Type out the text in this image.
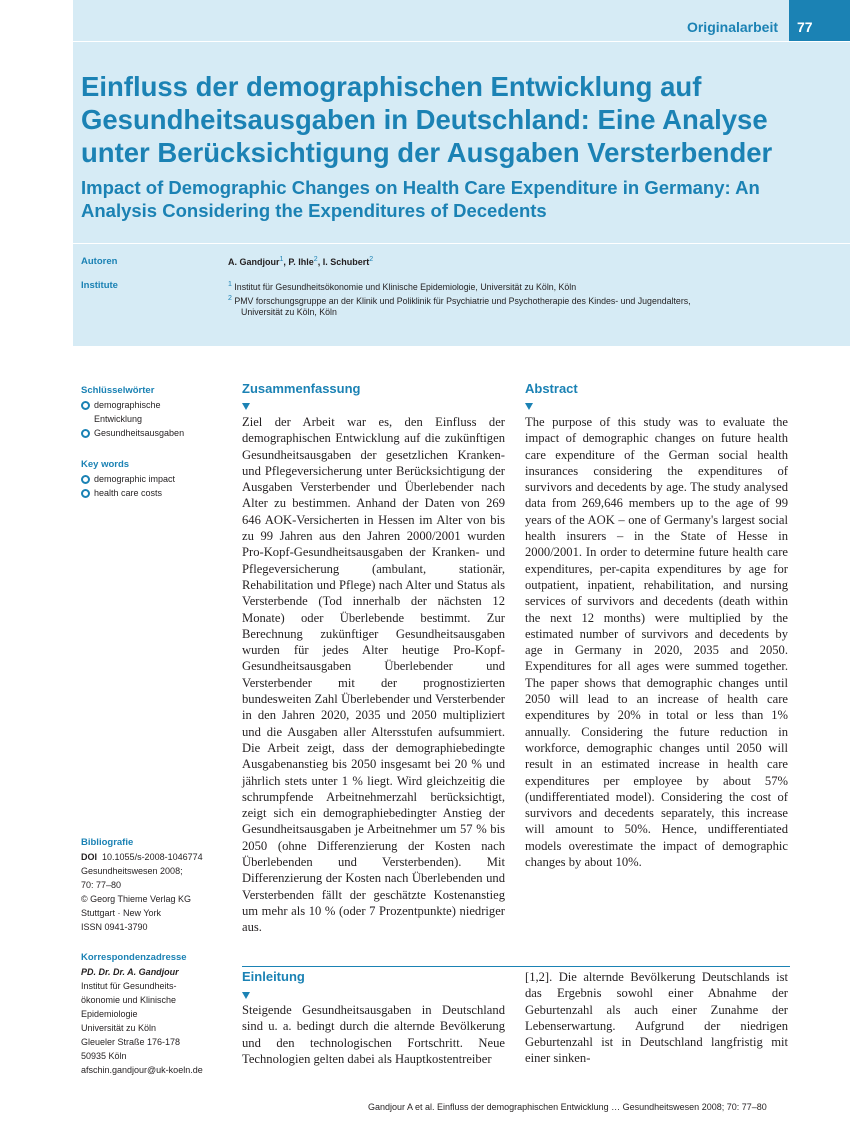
Originalarbeit	77
Einfluss der demographischen Entwicklung auf Gesundheitsausgaben in Deutschland: Eine Analyse unter Berücksichtigung der Ausgaben Versterbender
Impact of Demographic Changes on Health Care Expenditure in Germany: An Analysis Considering the Expenditures of Decedents
Autoren	A. Gandjour$^1$, P. Ihle$^2$, I. Schubert$^2$
Institute	$^1$ Institut für Gesundheitsökonomie und Klinische Epidemiologie, Universität zu Köln, Köln

$^2$ PMV forschungsgruppe an der Klinik und Poliklinik für Psychiatrie und Psychotherapie des Kindes- und Jugendalters,

Universität zu Köln, Köln

Schlüsselwörter
demographische Entwicklung
Gesundheitsausgaben
Key words
demographic impact
health care costs
Bibliografie

DOI 10.1055/s-2008-1046774

Gesundheitswesen 2008;

70: 77–80

© Georg Thieme Verlag KG

Stuttgart · New York

ISSN 0941-3790

Korrespondenzadresse

PD. Dr. Dr. A. Gandjour

Institut für Gesundheits-

ökonomie und Klinische

Epidemiologie

Universität zu Köln

Gleueler Straße 176-178

50935 Köln

afschin.gandjour@uk-koeln.de

Zusammenfassung

Ziel der Arbeit war es, den Einfluss der demographischen Entwicklung auf die zukünftigen Gesundheitsausgaben der gesetzlichen Kranken- und Pflegeversicherung unter Berücksichtigung der Ausgaben Versterbender und Überlebender nach Alter zu bestimmen. Anhand der Daten von 269 646 AOK-Versicherten in Hessen im Alter von bis zu 99 Jahren aus den Jahren 2000/2001 wurden Pro-Kopf-Gesundheitsausgaben der Kranken- und Pflegeversicherung (ambulant, stationär, Rehabilitation und Pflege) nach Alter und Status als Versterbende (Tod innerhalb der nächsten 12 Monate) oder Überlebende bestimmt. Zur Berechnung zukünftiger Gesundheitsausgaben wurden für jedes Alter heutige Pro-Kopf-Gesundheitsausgaben Überlebender und Versterbender mit der prognostizierten bundesweiten Zahl Überlebender und Versterbender in den Jahren 2020, 2035 und 2050 multipliziert und die Ausgaben aller Altersstufen aufsummiert. Die Arbeit zeigt, dass der demographiebedingte Ausgabenanstieg bis 2050 insgesamt bei 20 % und jährlich stets unter 1 % liegt. Wird gleichzeitig die schrumpfende Arbeitnehmerzahl berücksichtigt, zeigt sich ein demographiebedingter Anstieg der Gesundheitsausgaben je Arbeitnehmer um 57 % bis 2050 (ohne Differenzierung der Kosten nach Überlebenden und Versterbenden). Mit Differenzierung der Kosten nach Überlebenden und Versterbenden fällt der geschätzte Kostenanstieg um mehr als 10 % (oder 7 Prozentpunkte) niedriger aus.

Abstract

The purpose of this study was to evaluate the impact of demographic changes on future health care expenditure of the German social health insurances considering the expenditures of survivors and decedents by age. The study analysed data from 269,646 members up to the age of 99 years of the AOK – one of Germany's largest social health insurers – in the State of Hesse in 2000/2001. In order to determine future health care expenditures, per-capita expenditures by age for outpatient, inpatient, rehabilitation, and nursing services of survivors and decedents (death within the next 12 months) were multiplied by the estimated number of survivors and decedents by age in Germany in 2020, 2035 and 2050. Expenditures for all ages were summed together. The paper shows that demographic changes until 2050 will lead to an increase of health care expenditures by 20% in total or less than 1% annually. Considering the future reduction in workforce, demographic changes until 2050 will result in an estimated increase in health care expenditures per employee by about 57% (undifferentiated model). Considering the cost of survivors and decedents separately, this increase will amount to 50%. Hence, undifferentiated models overestimate the impact of demographic changes by about 10%.

Einleitung

Steigende Gesundheitsausgaben in Deutschland sind u. a. bedingt durch die alternde Bevölkerung und den technologischen Fortschritt. Neue Technologien gelten dabei als Hauptkostentreiber

[1,2]. Die alternde Bevölkerung Deutschlands ist das Ergebnis sowohl einer Abnahme der Geburtenzahl als auch einer Zunahme der Lebenserwartung. Aufgrund der niedrigen Geburtenzahl ist in Deutschland langfristig mit einer sinken-

Gandjour A et al. Einfluss der demographischen Entwicklung … Gesundheitswesen 2008; 70: 77–80
